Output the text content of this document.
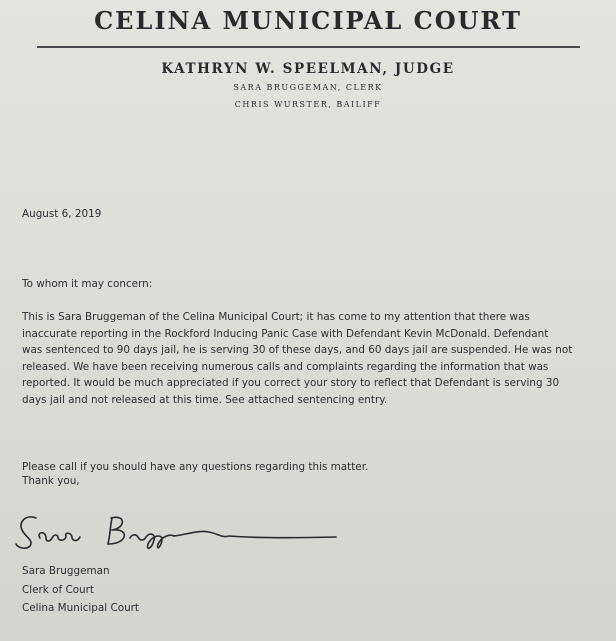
CELINA MUNICIPAL COURT
KATHRYN W. SPEELMAN, JUDGE
SARA BRUGGEMAN, CLERK
CHRIS WURSTER, BAILIFF
August 6, 2019
To whom it may concern:
This is Sara Bruggeman of the Celina Municipal Court; it has come to my attention that there was
inaccurate reporting in the Rockford Inducing Panic Case with Defendant Kevin McDonald. Defendant
was sentenced to 90 days jail, he is serving 30 of these days, and 60 days jail are suspended. He was not
released. We have been receiving numerous calls and complaints regarding the information that was
reported. It would be much appreciated if you correct your story to reflect that Defendant is serving 30
days jail and not released at this time. See attached sentencing entry.
Please call if you should have any questions regarding this matter.
Thank you,
Sara Bruggeman
Clerk of Court
Celina Municipal Court
